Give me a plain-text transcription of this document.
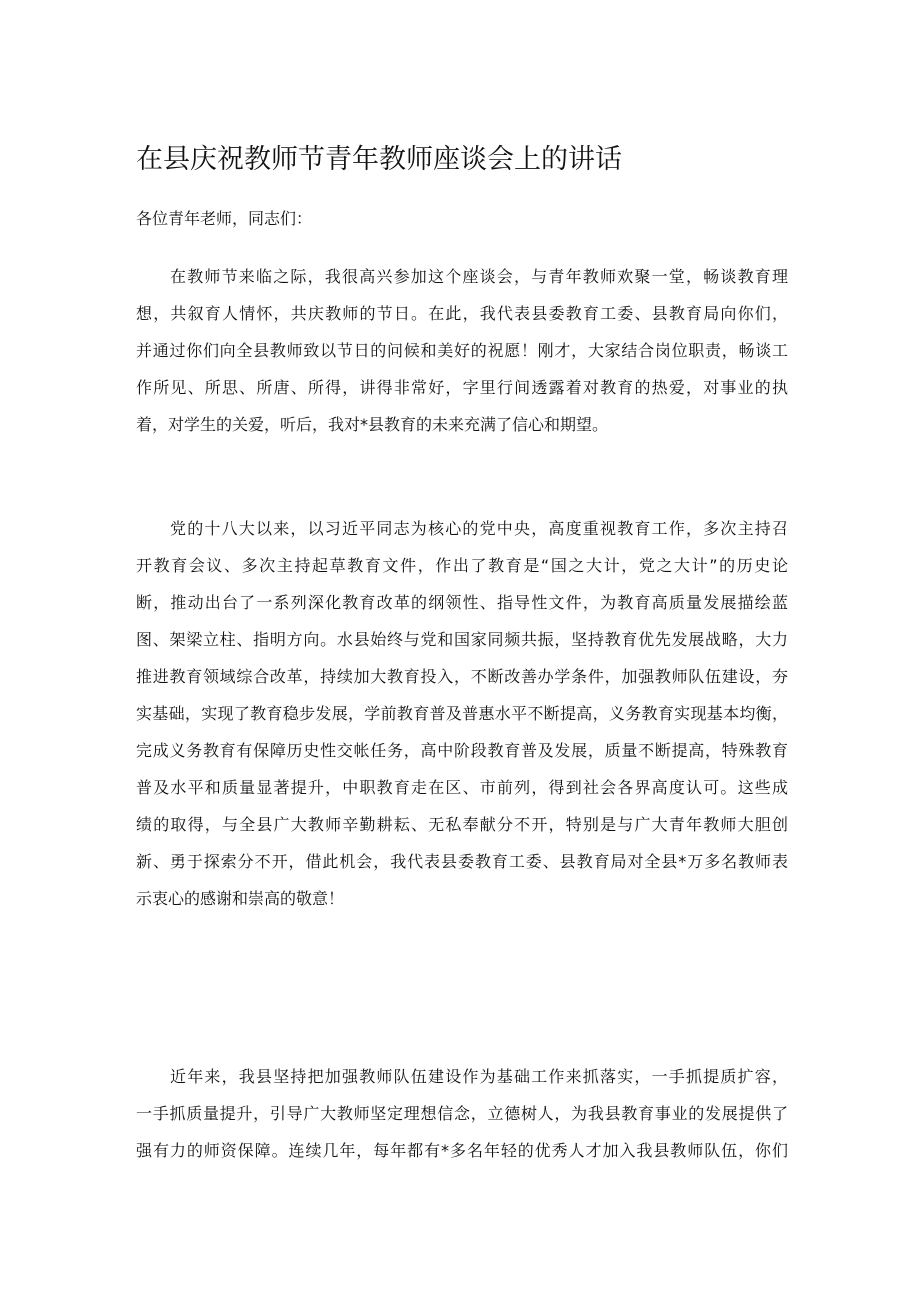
在县庆祝教师节青年教师座谈会上的讲话

各位青年老师，同志们：

在教师节来临之际，我很高兴参加这个座谈会，与青年教师欢聚一堂，畅谈教育理
想，共叙育人情怀，共庆教师的节日。在此，我代表县委教育工委、县教育局向你们，
并通过你们向全县教师致以节日的问候和美好的祝愿！刚才，大家结合岗位职责，畅谈工
作所见、所思、所唐、所得，讲得非常好，字里行间透露着对教育的热爱，对事业的执
着，对学生的关爱，听后，我对*县教育的未来充满了信心和期望。
党的十八大以来，以习近平同志为核心的党中央，高度重视教育工作，多次主持召
开教育会议、多次主持起草教育文件，作出了教育是“国之大计，党之大计”的历史论
断，推动出台了一系列深化教育改革的纲领性、指导性文件，为教育高质量发展描绘蓝
图、架梁立柱、指明方向。水县始终与党和国家同频共振，坚持教育优先发展战略，大力
推进教育领域综合改革，持续加大教育投入，不断改善办学条件，加强教师队伍建设，夯
实基础，实现了教育稳步发展，学前教育普及普惠水平不断提高，义务教育实现基本均衡，
完成义务教育有保障历史性交帐任务，高中阶段教育普及发展，质量不断提高，特殊教育
普及水平和质量显著提升，中职教育走在区、市前列，得到社会各界高度认可。这些成
绩的取得，与全县广大教师辛勤耕耘、无私奉献分不开，特别是与广大青年教师大胆创
新、勇于探索分不开，借此机会，我代表县委教育工委、县教育局对全县*万多名教师表
示衷心的感谢和崇高的敬意！
近年来，我县坚持把加强教师队伍建设作为基础工作来抓落实，一手抓提质扩容，
一手抓质量提升，引导广大教师坚定理想信念，立德树人，为我县教育事业的发展提供了
强有力的师资保障。连续几年，每年都有*多名年轻的优秀人才加入我县教师队伍，你们
